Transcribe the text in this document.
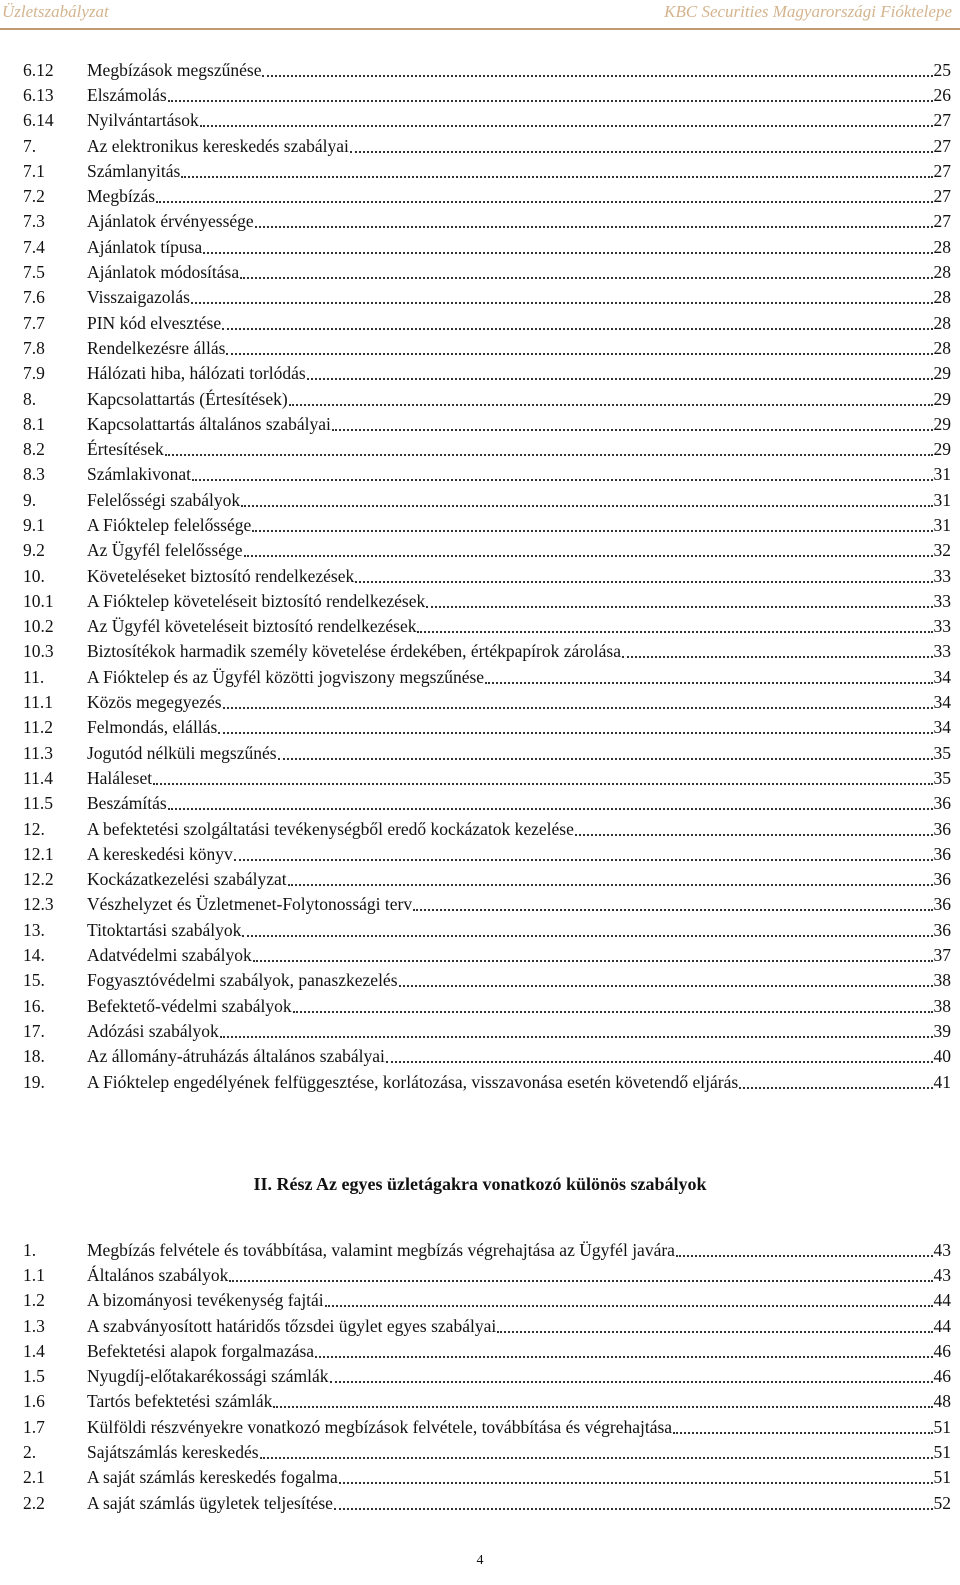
Üzletszabályzat	KBC Securities Magyarországi Fióktelepe
6.12	Megbízások megszűnése	25
6.13	Elszámolás	26
6.14	Nyilvántartások	27
7.	Az elektronikus kereskedés szabályai	27
7.1	Számlanyitás	27
7.2	Megbízás	27
7.3	Ajánlatok érvényessége	27
7.4	Ajánlatok típusa	28
7.5	Ajánlatok módosítása	28
7.6	Visszaigazolás	28
7.7	PIN kód elvesztése	28
7.8	Rendelkezésre állás	28
7.9	Hálózati hiba, hálózati torlódás	29
8.	Kapcsolattartás (Értesítések)	29
8.1	Kapcsolattartás általános szabályai	29
8.2	Értesítések	29
8.3	Számlakivonat	31
9.	Felelősségi szabályok	31
9.1	A Fióktelep felelőssége	31
9.2	Az Ügyfél felelőssége	32
10.	Követeléseket biztosító rendelkezések	33
10.1	A Fióktelep követeléseit biztosító rendelkezések	33
10.2	Az Ügyfél követeléseit biztosító rendelkezések	33
10.3	Biztosítékok harmadik személy követelése érdekében, értékpapírok zárolása	33
11.	A Fióktelep és az Ügyfél közötti jogviszony megszűnése	34
11.1	Közös megegyezés	34
11.2	Felmondás, elállás	34
11.3	Jogutód nélküli megszűnés	35
11.4	Haláleset	35
11.5	Beszámítás	36
12.	A befektetési szolgáltatási tevékenységből eredő kockázatok kezelése	36
12.1	A kereskedési könyv	36
12.2	Kockázatkezelési szabályzat	36
12.3	Vészhelyzet és Üzletmenet-Folytonossági terv	36
13.	Titoktartási szabályok	36
14.	Adatvédelmi szabályok	37
15.	Fogyasztóvédelmi szabályok, panaszkezelés	38
16.	Befektető-védelmi szabályok	38
17.	Adózási szabályok	39
18.	Az állomány-átruházás általános szabályai	40
19.	A Fióktelep engedélyének felfüggesztése, korlátozása, visszavonása esetén követendő eljárás	41
II. Rész Az egyes üzletágakra vonatkozó különös szabályok
1.	Megbízás felvétele és továbbítása, valamint megbízás végrehajtása az Ügyfél javára	43
1.1	Általános szabályok	43
1.2	A bizományosi tevékenység fajtái	44
1.3	A szabványosított határidős tőzsdei ügylet egyes szabályai	44
1.4	Befektetési alapok forgalmazása	46
1.5	Nyugdíj-előtakarékossági számlák	46
1.6	Tartós befektetési számlák	48
1.7	Külföldi részvényekre vonatkozó megbízások felvétele, továbbítása és végrehajtása	51
2.	Sajátszámlás kereskedés	51
2.1	A saját számlás kereskedés fogalma	51
2.2	A saját számlás ügyletek teljesítése	52
4
